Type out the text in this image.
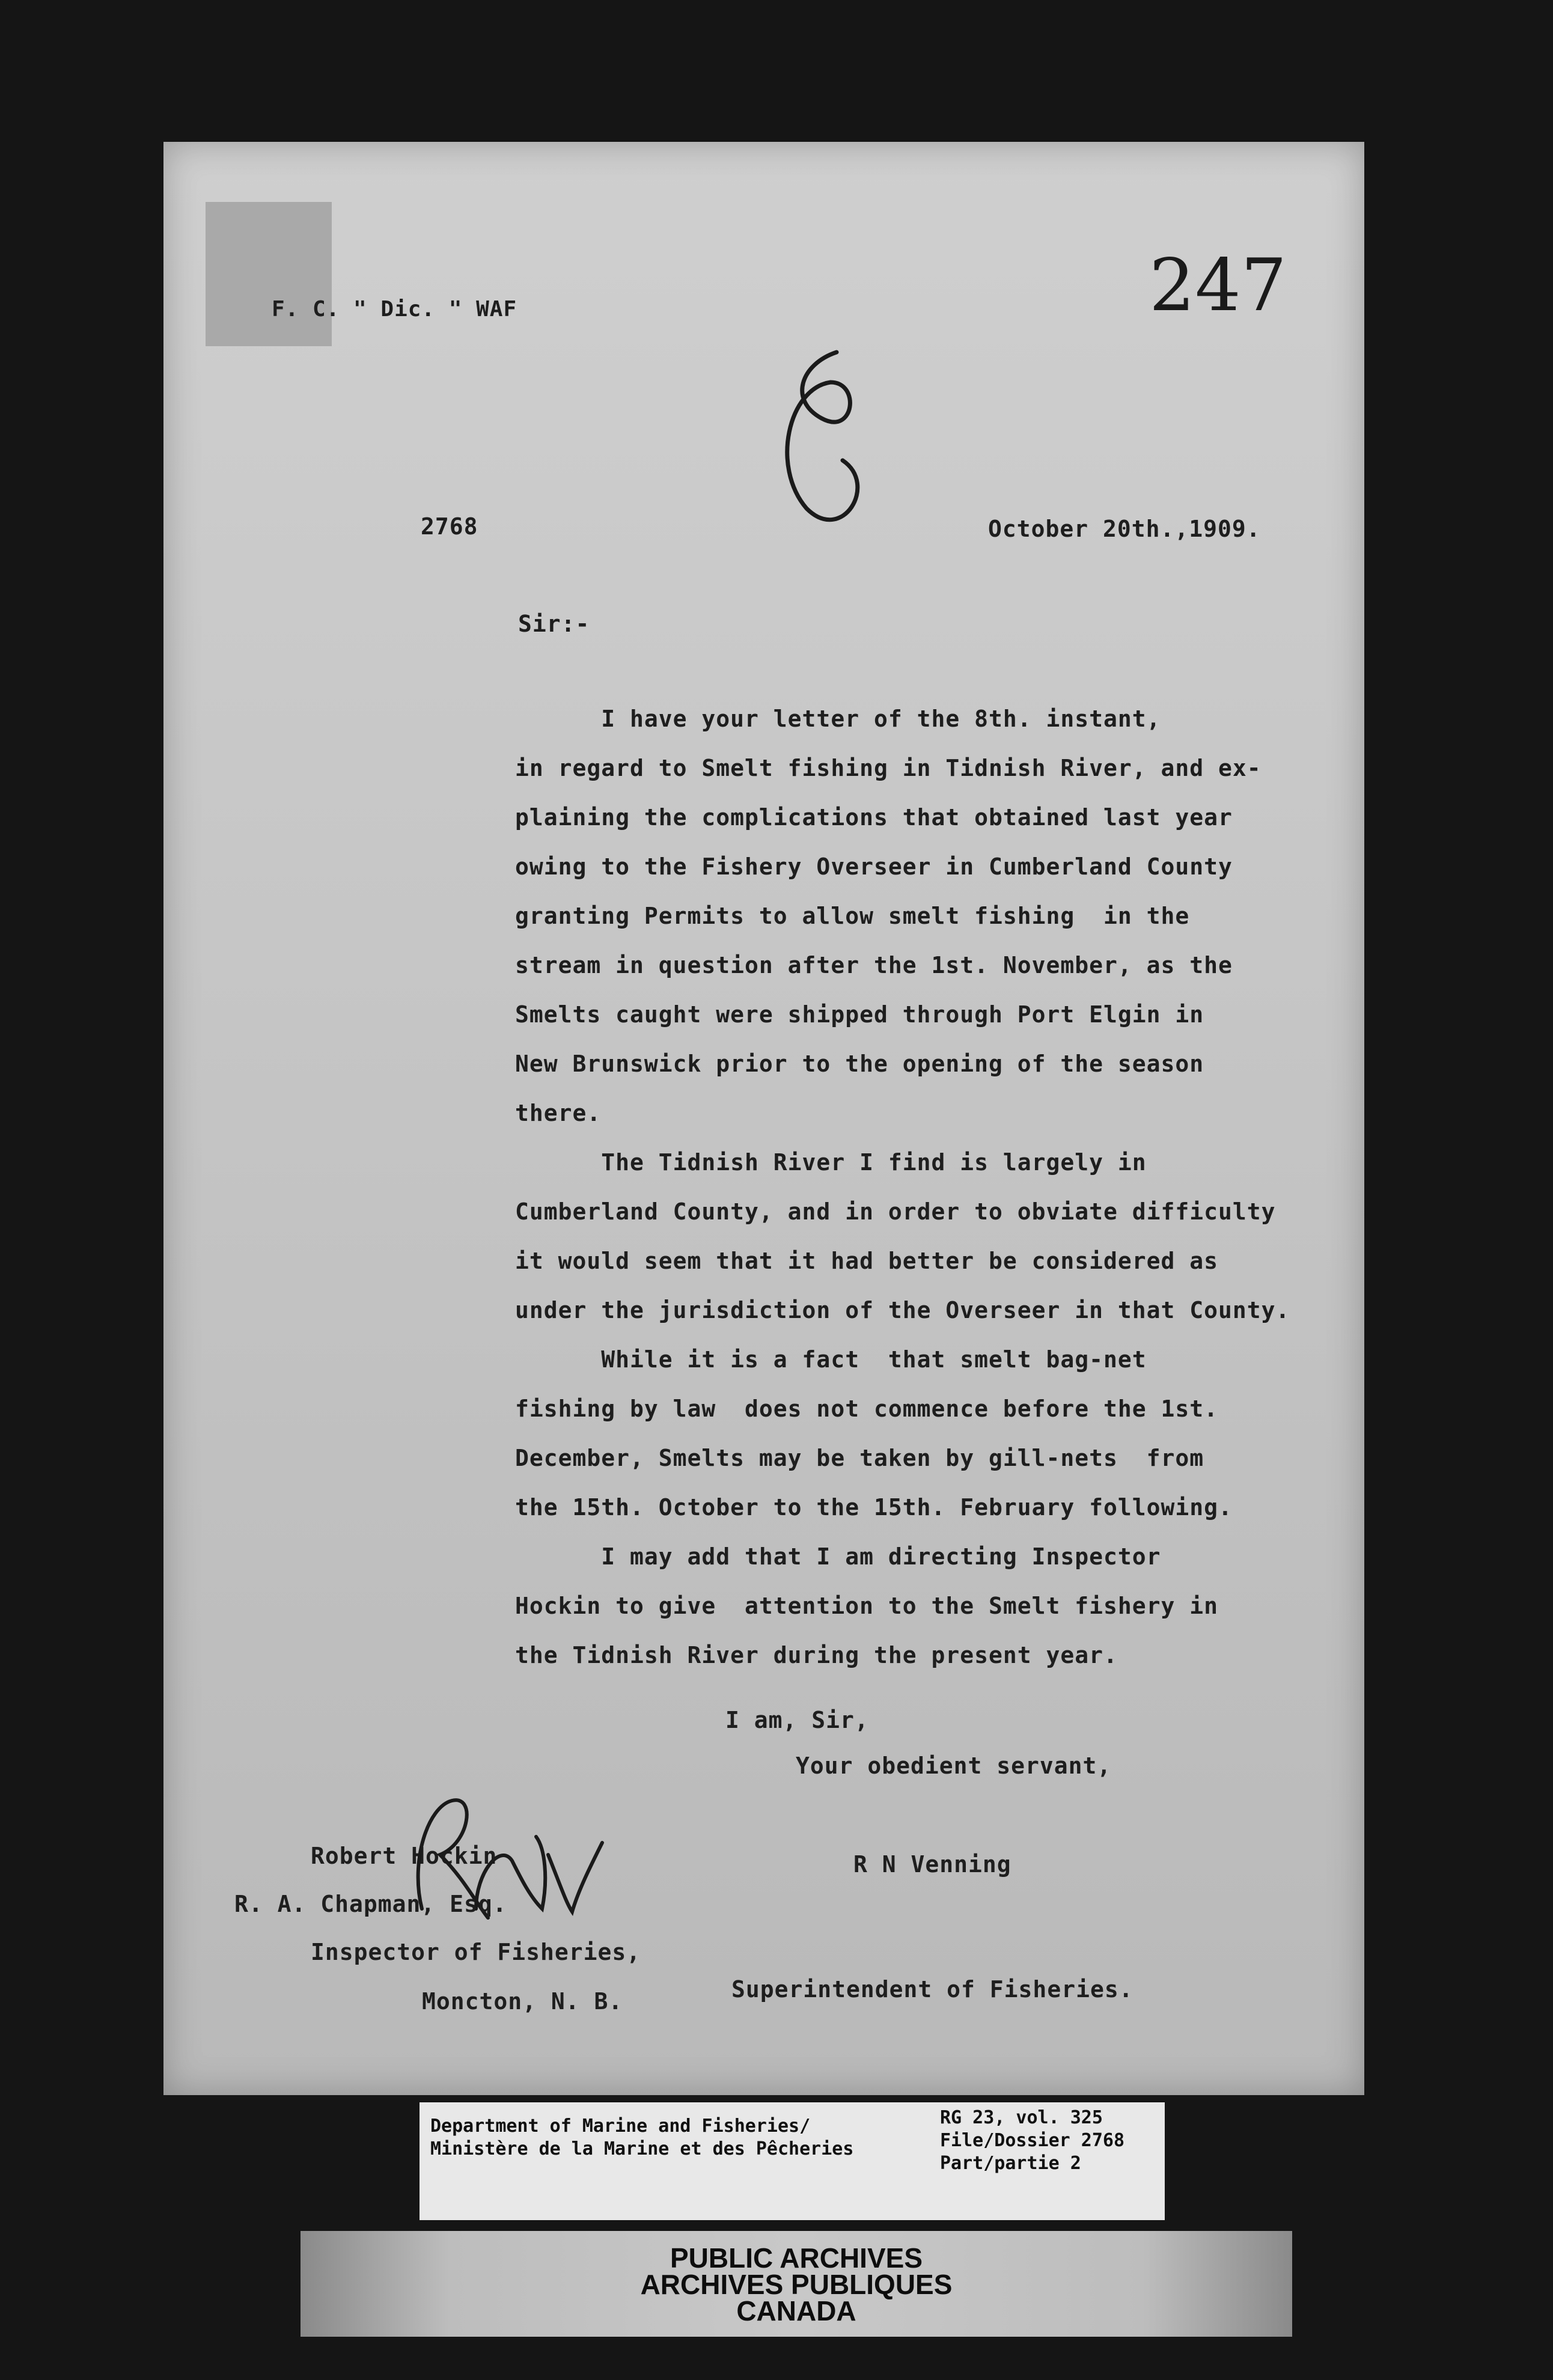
F. C. " Dic. " WAF	247
2768	October 20th.,1909.
Sir:-
I have your letter of the 8th. instant,
in regard to Smelt fishing in Tidnish River, and ex-
plaining the complications that obtained last year
owing to the Fishery Overseer in Cumberland County
granting Permits to allow smelt fishing  in the
stream in question after the 1st. November, as the
Smelts caught were shipped through Port Elgin in
New Brunswick prior to the opening of the season
there.
The Tidnish River I find is largely in
Cumberland County, and in order to obviate difficulty
it would seem that it had better be considered as
under the jurisdiction of the Overseer in that County.
While it is a fact  that smelt bag-net
fishing by law  does not commence before the 1st.
December, Smelts may be taken by gill-nets  from
the 15th. October to the 15th. February following.
I may add that I am directing Inspector
Hockin to give  attention to the Smelt fishery in
the Tidnish River during the present year.
I am, Sir,
Your obedient servant,
Robert Hockin	R N Venning
R. A. Chapman, Esq.
Inspector of Fisheries,
Superintendent of Fisheries.
Moncton, N. B.
Department of Marine and Fisheries/
Ministère de la Marine et des Pêcheries
RG 23, vol. 325
File/Dossier 2768
Part/partie 2
PUBLIC ARCHIVES
ARCHIVES PUBLIQUES
CANADA
